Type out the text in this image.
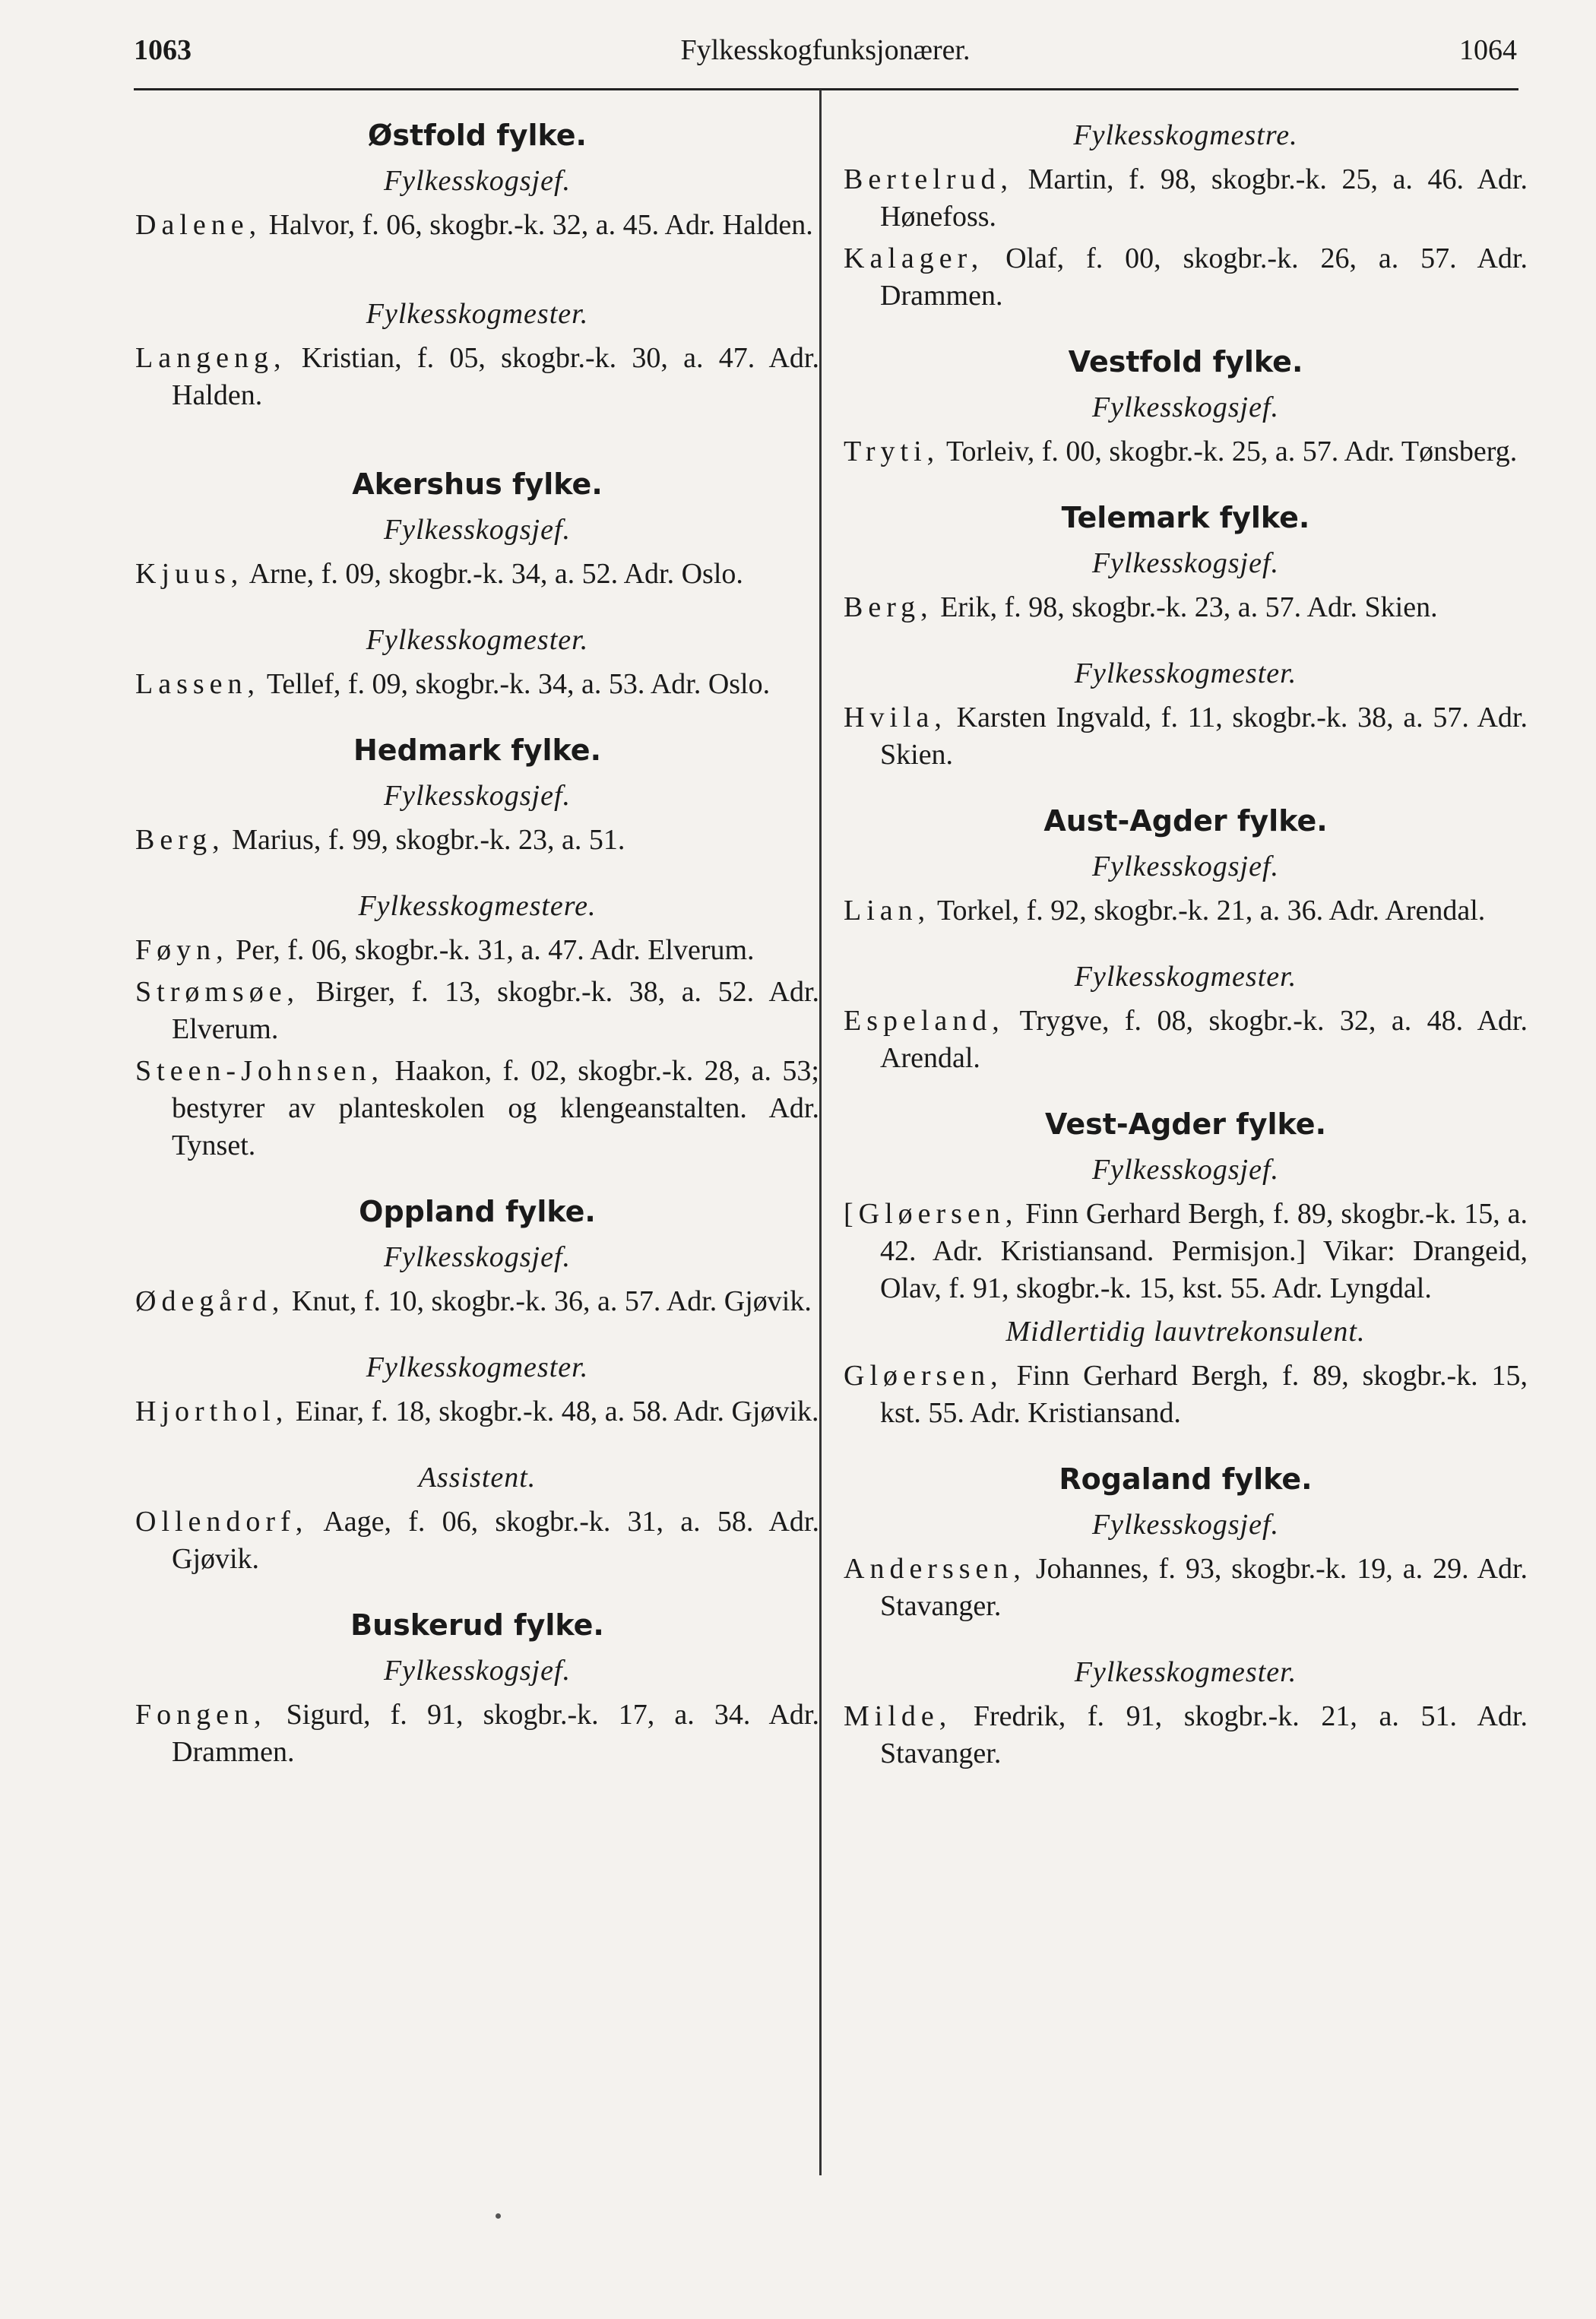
1063	Fylkesskogfunksjonærer.	1064
Østfold fylke.
Fylkesskogsjef.
Dalene, Halvor, f. 06, skogbr.-k. 32, a. 45. Adr. Halden.
Fylkesskogmester.
Langeng, Kristian, f. 05, skogbr.-k. 30, a. 47. Adr. Halden.
Akershus fylke.
Fylkesskogsjef.
Kjuus, Arne, f. 09, skogbr.-k. 34, a. 52. Adr. Oslo.
Fylkesskogmester.
Lassen, Tellef, f. 09, skogbr.-k. 34, a. 53. Adr. Oslo.
Hedmark fylke.
Fylkesskogsjef.
Berg, Marius, f. 99, skogbr.-k. 23, a. 51.
Fylkesskogmestere.
Føyn, Per, f. 06, skogbr.-k. 31, a. 47. Adr. Elverum.
Strømsøe, Birger, f. 13, skogbr.-k. 38, a. 52. Adr. Elverum.
Steen-Johnsen, Haakon, f. 02, skogbr.-k. 28, a. 53; bestyrer av planteskolen og klengeanstalten. Adr. Tynset.
Oppland fylke.
Fylkesskogsjef.
Ødegård, Knut, f. 10, skogbr.-k. 36, a. 57. Adr. Gjøvik.
Fylkesskogmester.
Hjorthol, Einar, f. 18, skogbr.-k. 48, a. 58. Adr. Gjøvik.
Assistent.
Ollendorf, Aage, f. 06, skogbr.-k. 31, a. 58. Adr. Gjøvik.
Buskerud fylke.
Fylkesskogsjef.
Fongen, Sigurd, f. 91, skogbr.-k. 17, a. 34. Adr. Drammen.
Fylkesskogmestre.
Bertelrud, Martin, f. 98, skogbr.-k. 25, a. 46. Adr. Hønefoss.
Kalager, Olaf, f. 00, skogbr.-k. 26, a. 57. Adr. Drammen.
Vestfold fylke.
Fylkesskogsjef.
Tryti, Torleiv, f. 00, skogbr.-k. 25, a. 57. Adr. Tønsberg.
Telemark fylke.
Fylkesskogsjef.
Berg, Erik, f. 98, skogbr.-k. 23, a. 57. Adr. Skien.
Fylkesskogmester.
Hvila, Karsten Ingvald, f. 11, skogbr.-k. 38, a. 57. Adr. Skien.
Aust-Agder fylke.
Fylkesskogsjef.
Lian, Torkel, f. 92, skogbr.-k. 21, a. 36. Adr. Arendal.
Fylkesskogmester.
Espeland, Trygve, f. 08, skogbr.-k. 32, a. 48. Adr. Arendal.
Vest-Agder fylke.
Fylkesskogsjef.
[Gløersen, Finn Gerhard Bergh, f. 89, skogbr.-k. 15, a. 42. Adr. Kristiansand. Permisjon.] Vikar: Drangeid, Olav, f. 91, skogbr.-k. 15, kst. 55. Adr. Lyngdal.
Midlertidig lauvtrekonsulent.
Gløersen, Finn Gerhard Bergh, f. 89, skogbr.-k. 15, kst. 55. Adr. Kristiansand.
Rogaland fylke.
Fylkesskogsjef.
Anderssen, Johannes, f. 93, skogbr.-k. 19, a. 29. Adr. Stavanger.
Fylkesskogmester.
Milde, Fredrik, f. 91, skogbr.-k. 21, a. 51. Adr. Stavanger.
